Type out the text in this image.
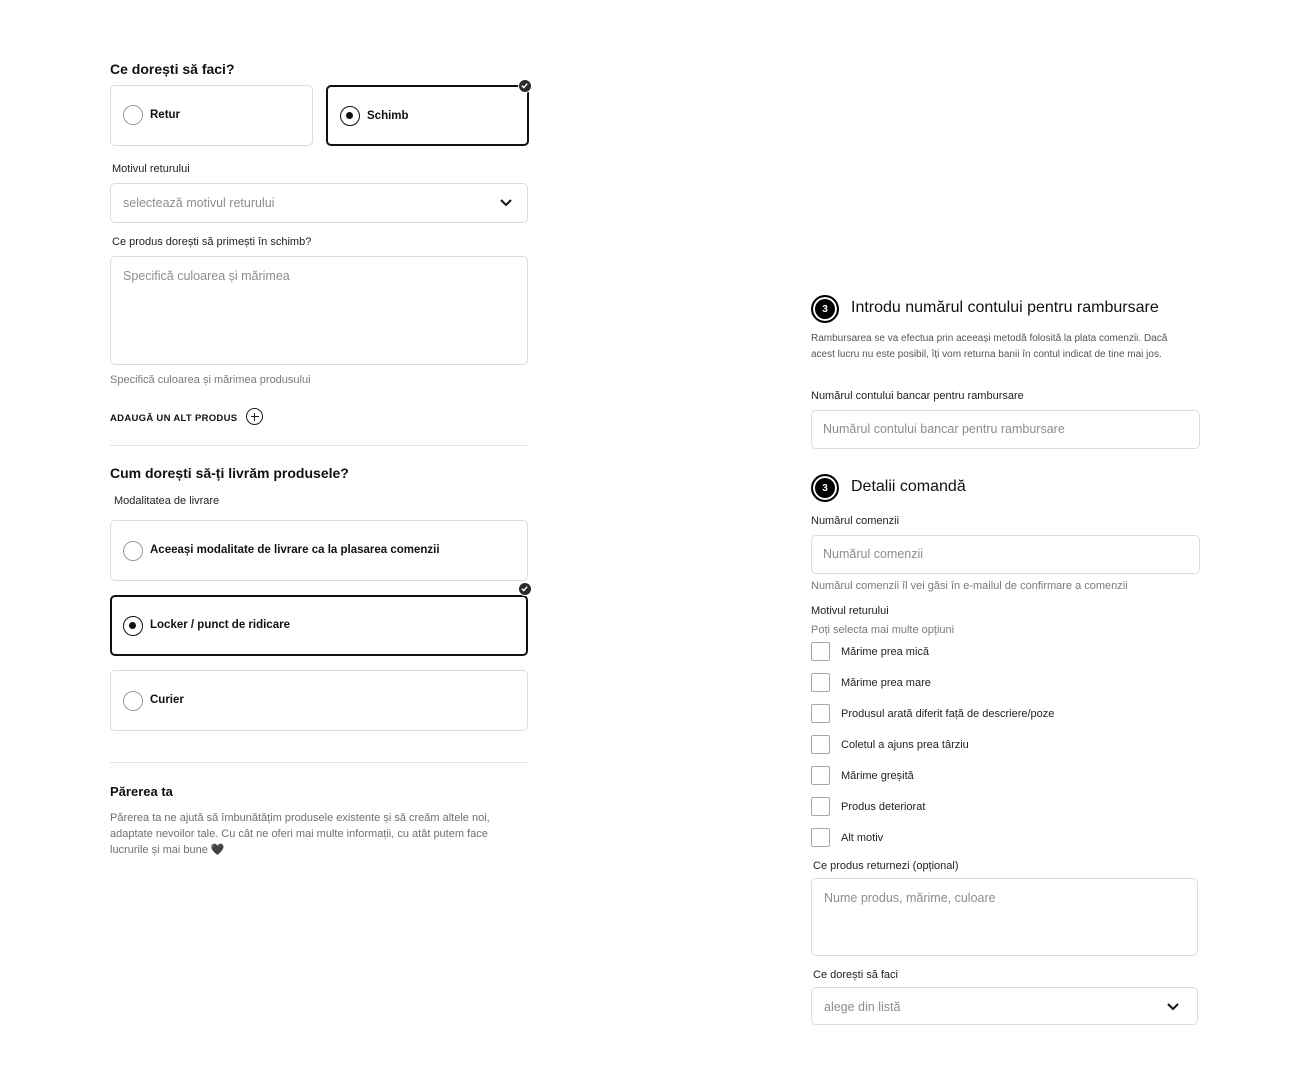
Ce dorești să faci?
Retur	Schimb
Motivul returului
selectează motivul returului
Ce produs dorești să primești în schimb?
Specifică culoarea și mărimea
Specifică culoarea și mărimea produsului
ADAUGĂ UN ALT PRODUS
Cum dorești să-ți livrăm produsele?
Modalitatea de livrare
Aceeași modalitate de livrare ca la plasarea comenzii
Locker / punct de ridicare
Curier
Părerea ta
Părerea ta ne ajută să îmbunătățim produsele existente și să creăm altele noi,
adaptate nevoilor tale. Cu cât ne oferi mai multe informații, cu atât putem face
lucrurile și mai bune 🖤
3	Introdu numărul contului pentru rambursare
Rambursarea se va efectua prin aceeași metodă folosită la plata comenzii. Dacă
acest lucru nu este posibil, îți vom returna banii în contul indicat de tine mai jos.
Numărul contului bancar pentru rambursare
Numărul contului bancar pentru rambursare
3	Detalii comandă
Numărul comenzii
Numărul comenzii
Numărul comenzii îl vei găsi în e-mailul de confirmare a comenzii
Motivul returului
Poți selecta mai multe opțiuni
Mărime prea mică
Mărime prea mare
Produsul arată diferit față de descriere/poze
Coletul a ajuns prea târziu
Mărime greșită
Produs deteriorat
Alt motiv
Ce produs returnezi (opțional)
Nume produs, mărime, culoare
Ce dorești să faci
alege din listă
